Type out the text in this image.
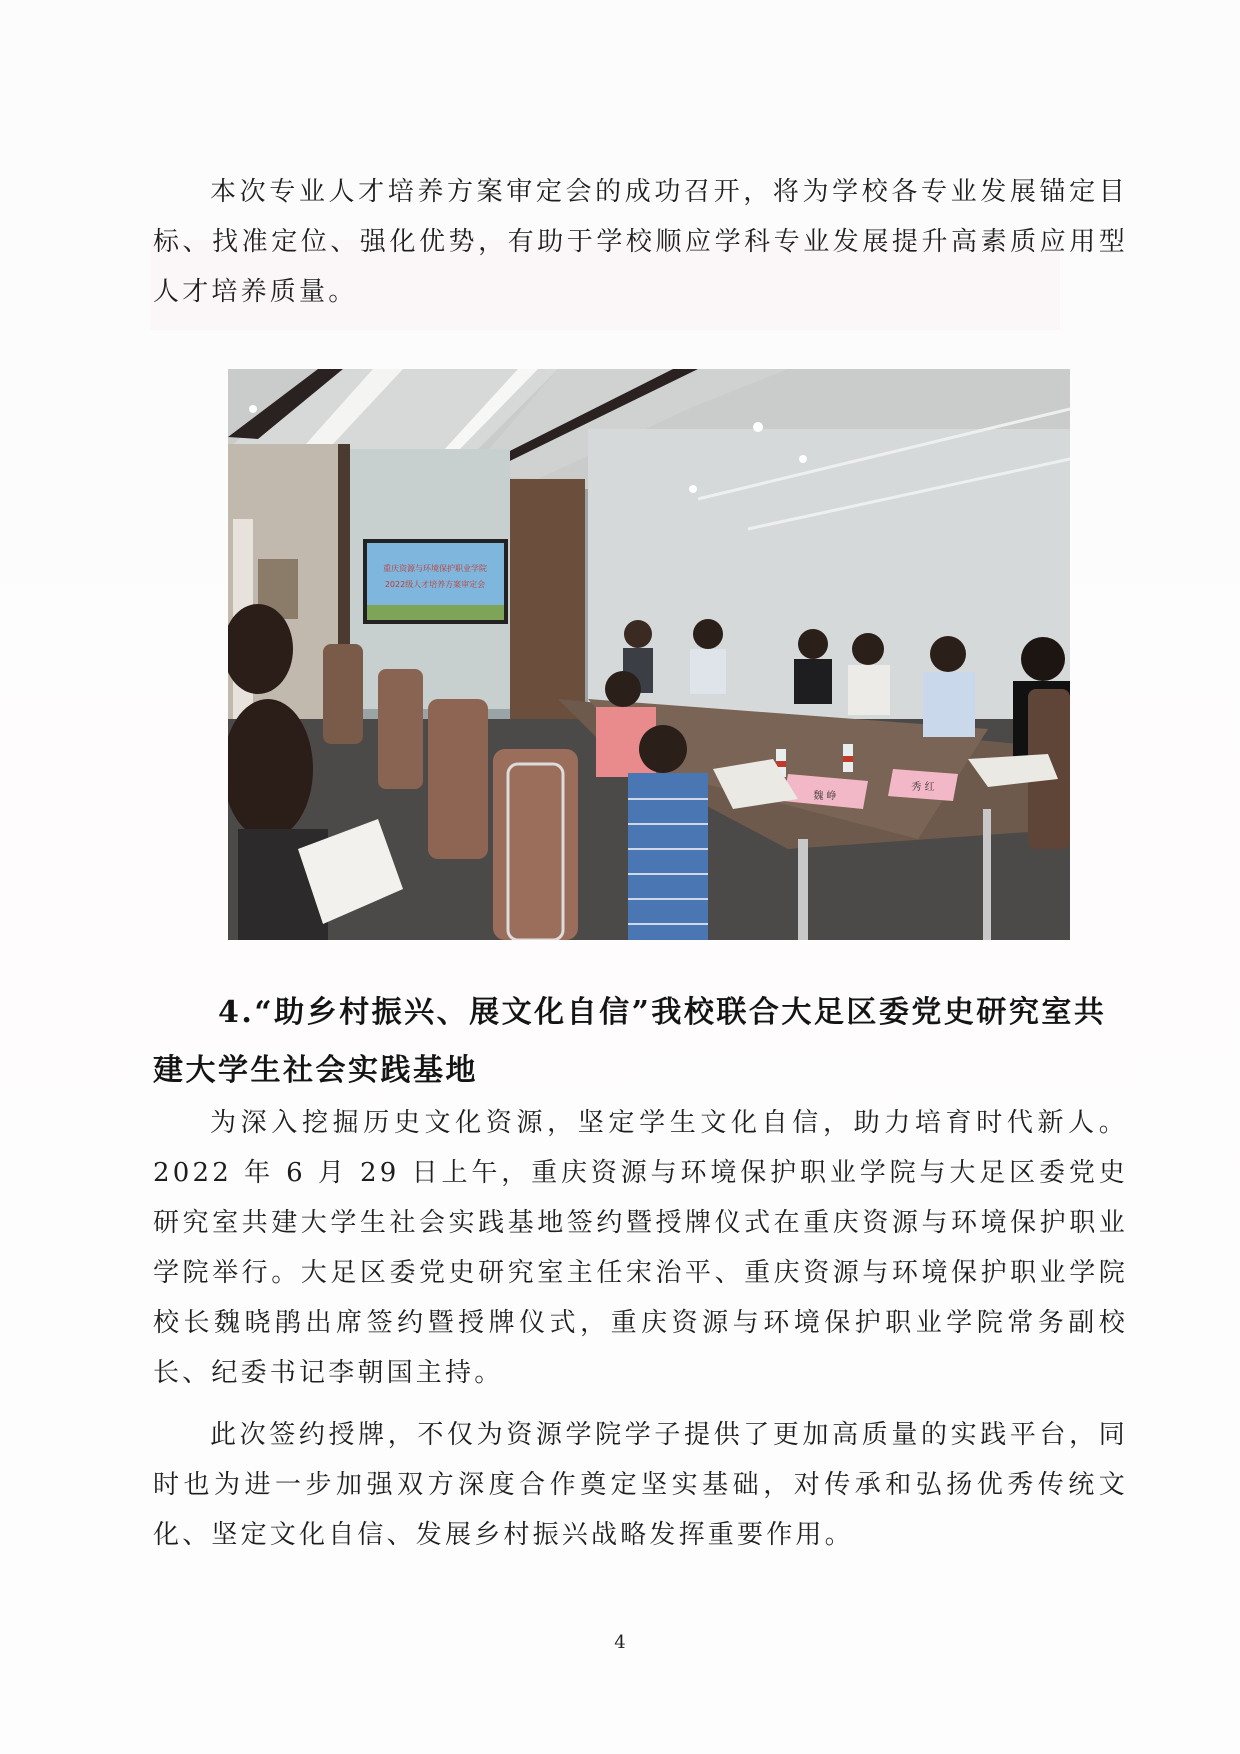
本次专业人才培养方案审定会的成功召开，将为学校各专业发展锚定目标、找准定位、强化优势，有助于学校顺应学科专业发展提升高素质应用型人才培养质量。

重庆资源与环境保护职业学院
2022级人才培养方案审定会
魏 峥
秀 红
4.“助乡村振兴、展文化自信”我校联合大足区委党史研究室共建大学生社会实践基地

为深入挖掘历史文化资源，坚定学生文化自信，助力培育时代新人。2022 年 6 月 29 日上午，重庆资源与环境保护职业学院与大足区委党史研究室共建大学生社会实践基地签约暨授牌仪式在重庆资源与环境保护职业学院举行。大足区委党史研究室主任宋治平、重庆资源与环境保护职业学院校长魏晓鹃出席签约暨授牌仪式，重庆资源与环境保护职业学院常务副校长、纪委书记李朝国主持。

此次签约授牌，不仅为资源学院学子提供了更加高质量的实践平台，同时也为进一步加强双方深度合作奠定坚实基础，对传承和弘扬优秀传统文化、坚定文化自信、发展乡村振兴战略发挥重要作用。

4
